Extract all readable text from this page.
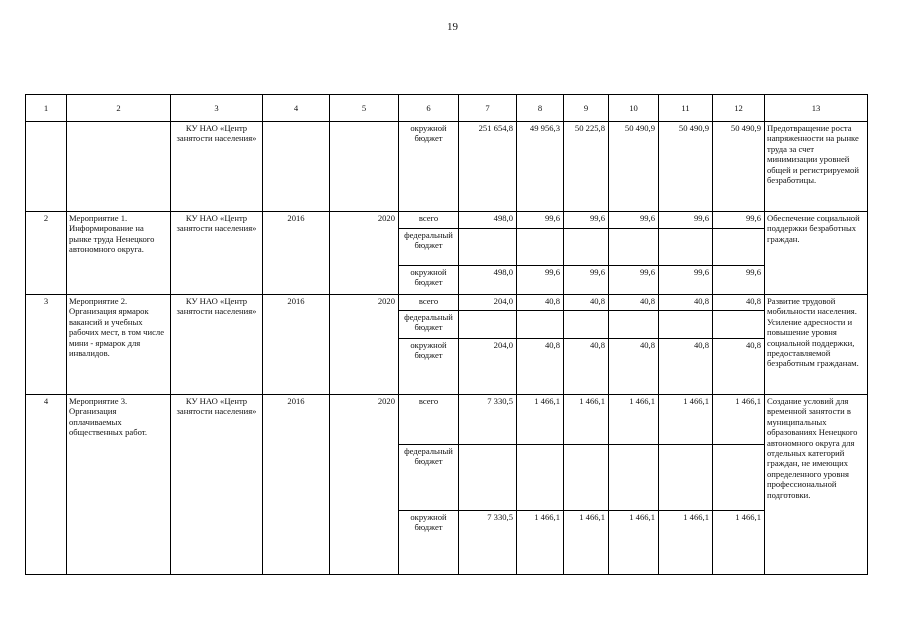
19
1	2	3	4	5	6	7	8	9	10	11	12	13
		КУ НАО «Центр занятости населения»			окружной бюджет	251 654,8	49 956,3	50 225,8	50 490,9	50 490,9	50 490,9	Предотвращение роста напряженности на рынке труда за счет минимизации уровней общей и регистрируемой безработицы.
2	Мероприятие 1. Информирование на рынке труда Ненецкого автономного округа.	КУ НАО «Центр занятости населения»	2016	2020	всего	498,0	99,6	99,6	99,6	99,6	99,6	Обеспечение социальной поддержки безработных граждан.
					федеральный бюджет							
					окружной бюджет	498,0	99,6	99,6	99,6	99,6	99,6	
3	Мероприятие 2. Организация ярмарок вакансий и учебных рабочих мест, в том числе мини - ярмарок для инвалидов.	КУ НАО «Центр занятости населения»	2016	2020	всего	204,0	40,8	40,8	40,8	40,8	40,8	Развитие трудовой мобильности населения. Усиление адресности и повышение уровня социальной поддержки, предоставляемой безработным гражданам.
					федеральный бюджет							
					окружной бюджет	204,0	40,8	40,8	40,8	40,8	40,8	
4	Мероприятие 3. Организация оплачиваемых общественных работ.	КУ НАО «Центр занятости населения»	2016	2020	всего	7 330,5	1 466,1	1 466,1	1 466,1	1 466,1	1 466,1	Создание условий для временной занятости в муниципальных образованиях Ненецкого автономного округа для отдельных категорий граждан, не имеющих определенного уровня профессиональной подготовки.
					федеральный бюджет							
					окружной бюджет	7 330,5	1 466,1	1 466,1	1 466,1	1 466,1	1 466,1	
